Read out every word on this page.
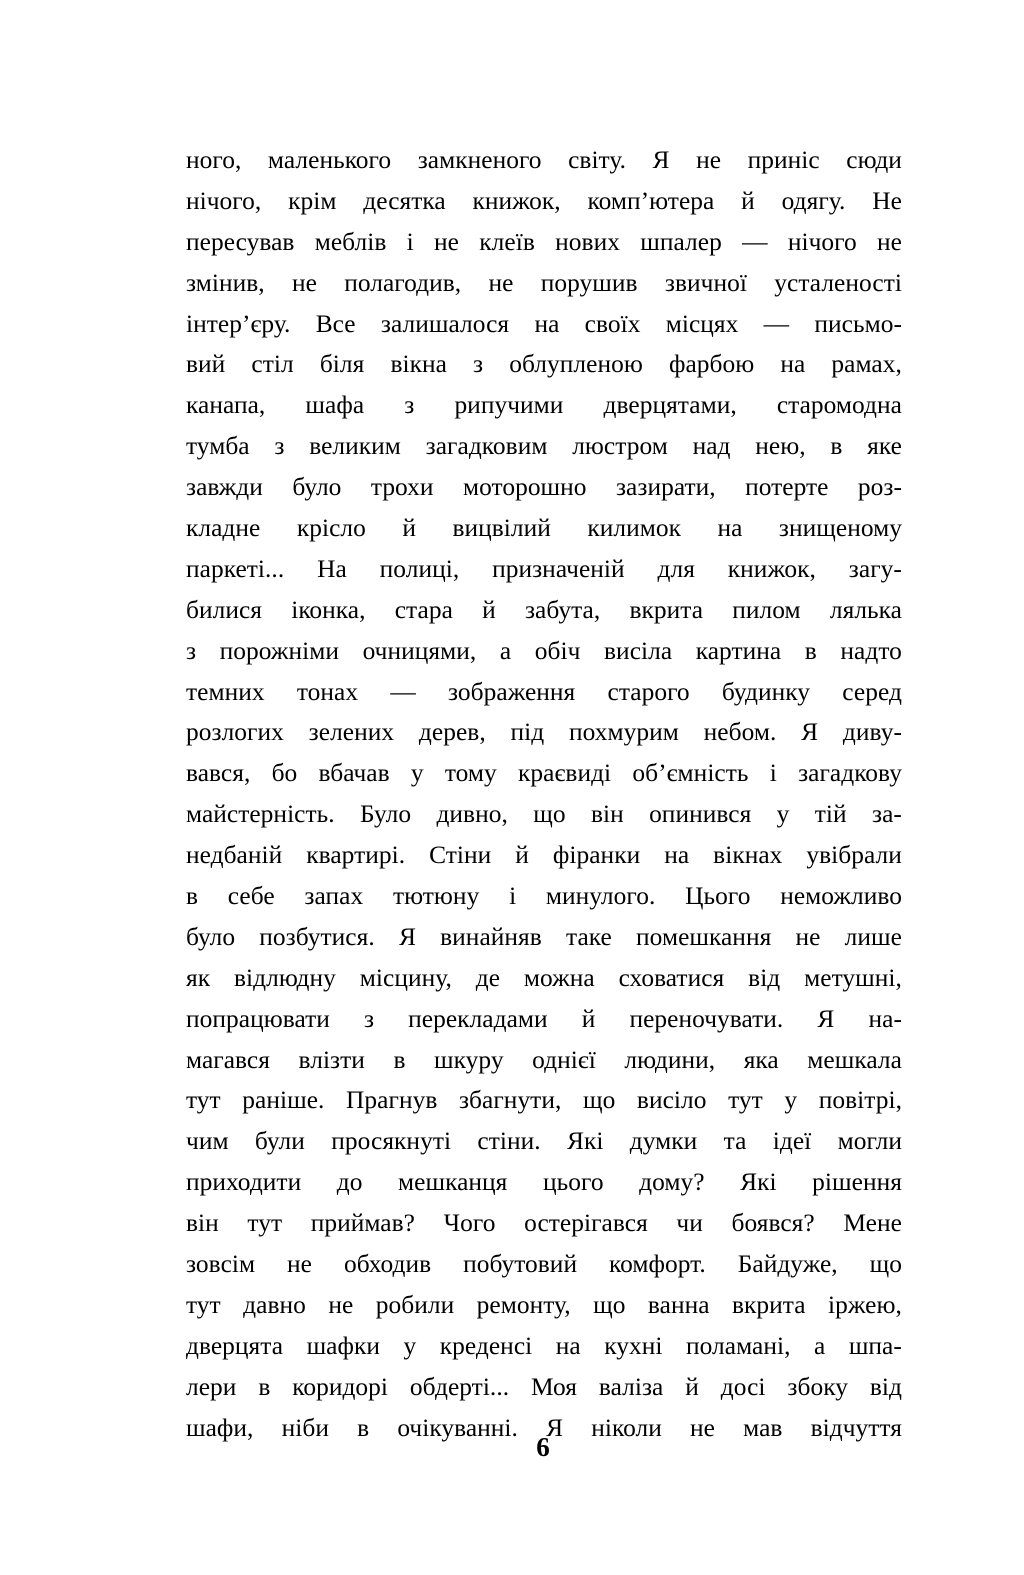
ного, маленького замкненого світу. Я не приніс сюди
нічого, крім десятка книжок, комп’ютера й одягу. Не
пересував меблів і не клеїв нових шпалер — нічого не
змінив, не полагодив, не порушив звичної усталеності
інтер’єру. Все залишалося на своїх місцях — письмо-
вий стіл біля вікна з облупленою фарбою на рамах,
канапа, шафа з рипучими дверцятами, старомодна
тумба з великим загадковим люстром над нею, в яке
завжди було трохи моторошно зазирати, потерте роз-
кладне крісло й вицвілий килимок на знищеному
паркеті... На полиці, призначеній для книжок, загу-
билися іконка, стара й забута, вкрита пилом лялька
з порожніми очницями, а обіч висіла картина в надто
темних тонах — зображення старого будинку серед
розлогих зелених дерев, під похмурим небом. Я диву-
вався, бо вбачав у тому краєвиді об’ємність і загадкову
майстерність. Було дивно, що він опинився у тій за-
недбаній квартирі. Стіни й фіранки на вікнах увібрали
в себе запах тютюну і минулого. Цього неможливо
було позбутися. Я винайняв таке помешкання не лише
як відлюдну місцину, де можна сховатися від метушні,
попрацювати з перекладами й переночувати. Я на-
магався влізти в шкуру однієї людини, яка мешкала
тут раніше. Прагнув збагнути, що висіло тут у повітрі,
чим були просякнуті стіни. Які думки та ідеї могли
приходити до мешканця цього дому? Які рішення
він тут приймав? Чого остерігався чи боявся? Мене
зовсім не обходив побутовий комфорт. Байдуже, що
тут давно не робили ремонту, що ванна вкрита іржею,
дверцята шафки у креденсі на кухні поламані, а шпа-
лери в коридорі обдерті... Моя валіза й досі збоку від
шафи, ніби в очікуванні. Я ніколи не мав відчуття
6
